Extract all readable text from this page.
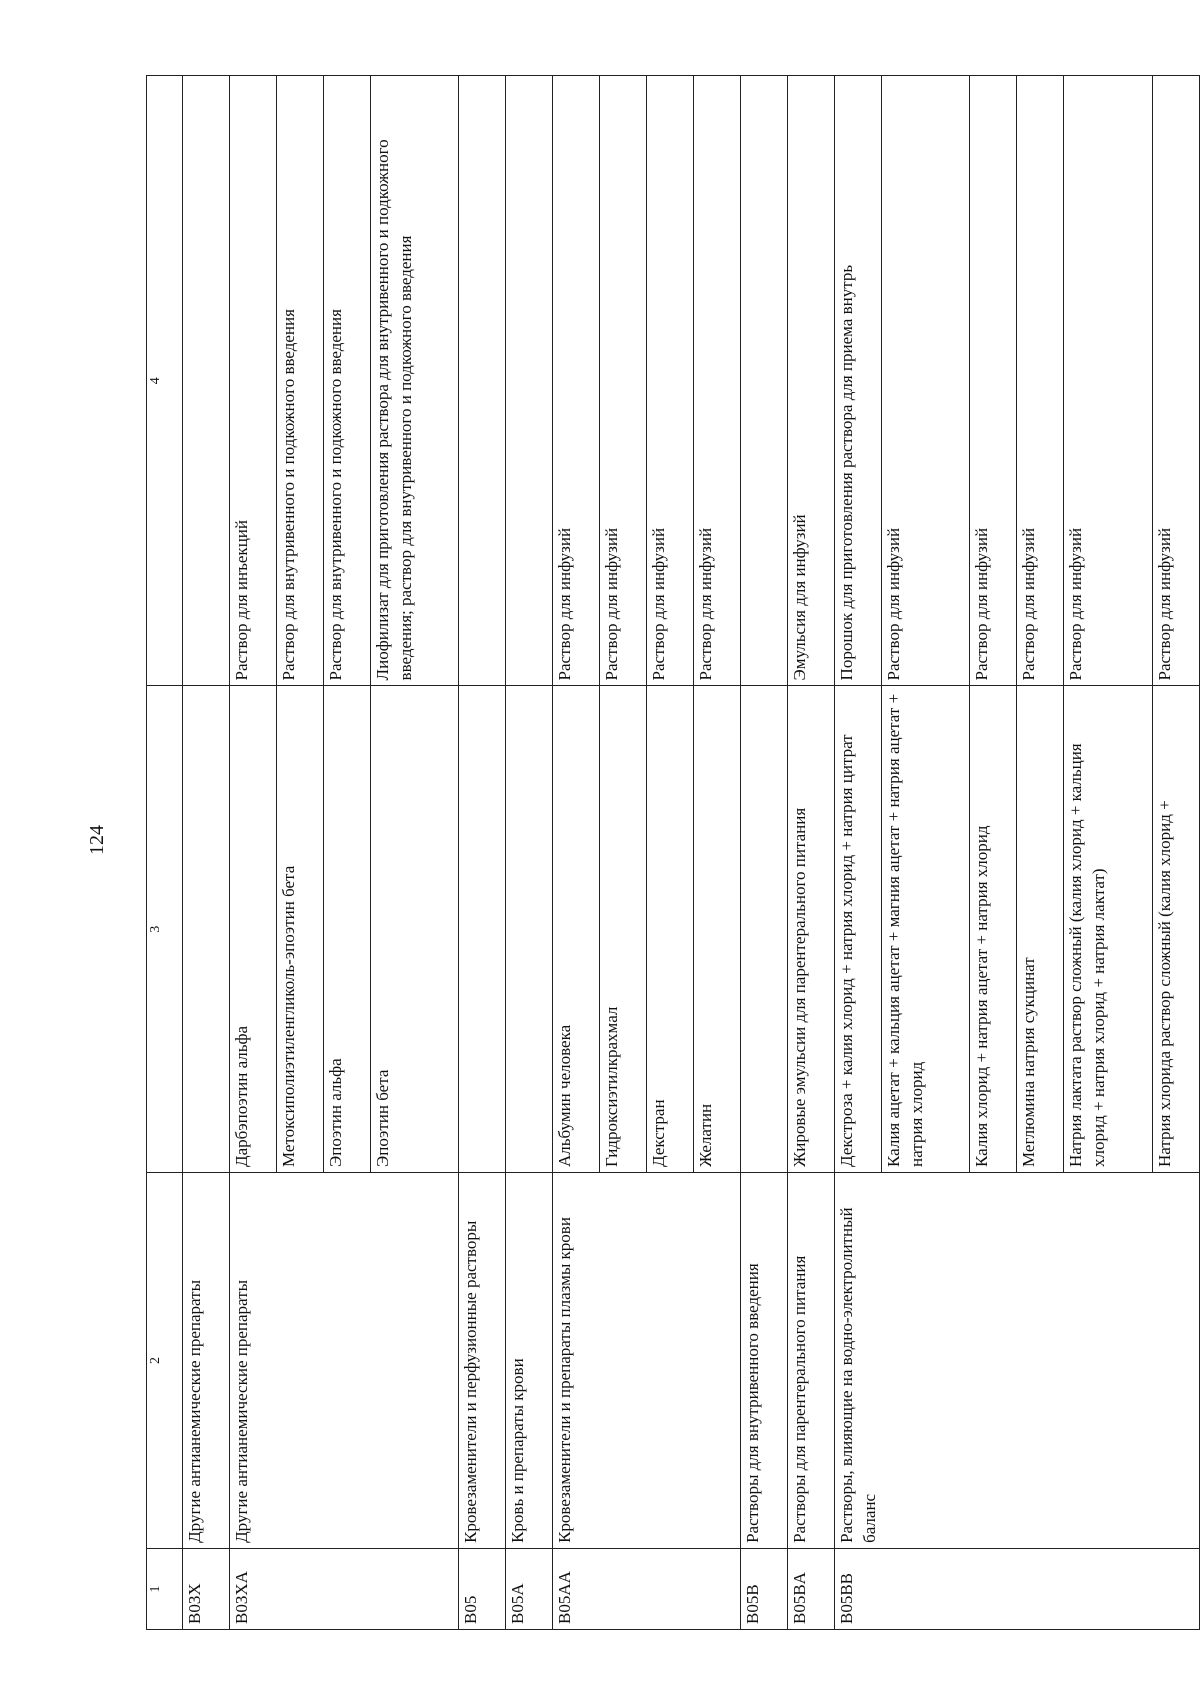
124
1	2	3	4
B03X	Другие антианемические препараты		
B03XA	Другие антианемические препараты	Дарбэпоэтин альфа	Раствор для инъекций
		Метоксиполиэтиленгликоль-эпоэтин бета	Раствор для внутривенного и подкожного введения
		Эпоэтин альфа	Раствор для внутривенного и подкожного введения
		Эпоэтин бета	Лиофилизат для приготовления раствора для внутривенного и подкожного введения; раствор для внутривенного и подкожного введения
B05	Кровезаменители и перфузионные растворы		
B05A	Кровь и препараты крови		
B05AA	Кровезаменители и препараты плазмы крови	Альбумин человека	Раствор для инфузий
		Гидроксиэтилкрахмал	Раствор для инфузий
		Декстран	Раствор для инфузий
		Желатин	Раствор для инфузий
B05B	Растворы для внутривенного введения		
B05BA	Растворы для парентерального питания	Жировые эмульсии для парентерального питания	Эмульсия для инфузий
B05BB	Растворы, влияющие на водно-электролитный баланс	Декстроза + калия хлорид + натрия хлорид + натрия цитрат	Порошок для приготовления раствора для приема внутрь
		Калия ацетат + кальция ацетат + магния ацетат + натрия ацетат + натрия хлорид	Раствор для инфузий
		Калия хлорид + натрия ацетат + натрия хлорид	Раствор для инфузий
		Меглюмина натрия сукцинат	Раствор для инфузий
		Натрия лактата раствор сложный (калия хлорид + кальция хлорид + натрия хлорид + натрия лактат)	Раствор для инфузий
		Натрия хлорида раствор сложный (калия хлорид +	Раствор для инфузий
